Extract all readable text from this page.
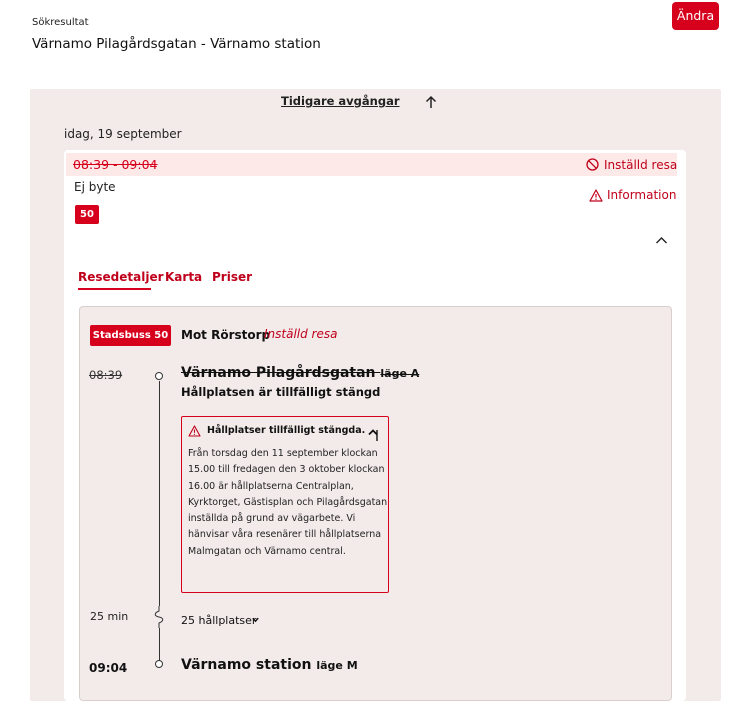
Sökresultat
Värnamo Pilagårdsgatan - Värnamo station
Ändra
Tidigare avgångar
idag, 19 september
08:39 - 09:04	Inställd resa
Ej byte
Information
50
Resedetaljer Karta Priser
Stadsbuss 50 Mot Rörstorp
Inställd resa
08:39	Värnamo Pilagårdsgatan läge A
Hållplatsen är tillfälligt stängd
Hållplatser tillfälligt stängda.
Från torsdag den 11 september klockan 15.00 till fredagen den 3 oktober klockan 16.00 är hållplatserna Centralplan, Kyrktorget, Gästisplan och Pilagårdsgatan inställda på grund av vägarbete. Vi hänvisar våra resenärer till hållplatserna Malmgatan och Värnamo central.
25 min	25 hållplatser
09:04	Värnamo station läge M
